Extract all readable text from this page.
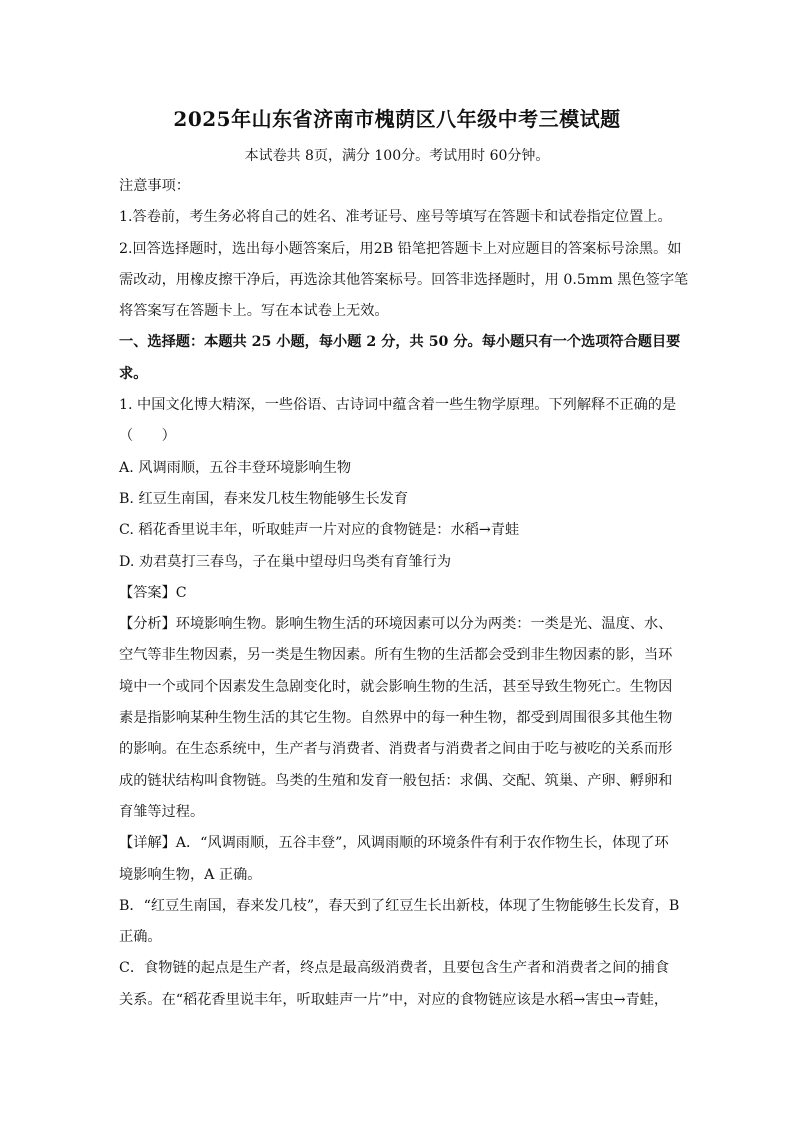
2025年山东省济南市槐荫区八年级中考三模试题
本试卷共 8页，满分 100分。考试用时 60分钟。
注意事项：
1.答卷前，考生务必将自己的姓名、准考证号、座号等填写在答题卡和试卷指定位置上。
2.回答选择题时，选出每小题答案后，用2B 铅笔把答题卡上对应题目的答案标号涂黑。如
需改动，用橡皮擦干净后，再选涂其他答案标号。回答非选择题时，用 0.5mm 黑色签字笔
将答案写在答题卡上。写在本试卷上无效。
一、选择题：本题共 25 小题，每小题 2 分，共 50 分。每小题只有一个选项符合题目要
求。
1. 中国文化博大精深，一些俗语、古诗词中蕴含着一些生物学原理。下列解释不正确的是
（　　）
A. 风调雨顺，五谷丰登环境影响生物
B. 红豆生南国，春来发几枝生物能够生长发育
C. 稻花香里说丰年，听取蛙声一片对应的食物链是：水稻→青蛙
D. 劝君莫打三春鸟，子在巢中望母归鸟类有育雏行为
【答案】C
【分析】环境影响生物。影响生物生活的环境因素可以分为两类：一类是光、温度、水、
空气等非生物因素，另一类是生物因素。所有生物的生活都会受到非生物因素的影，当环
境中一个或同个因素发生急剧变化时，就会影响生物的生活，甚至导致生物死亡。生物因
素是指影响某种生物生活的其它生物。自然界中的每一种生物，都受到周围很多其他生物
的影响。在生态系统中，生产者与消费者、消费者与消费者之间由于吃与被吃的关系而形
成的链状结构叫食物链。鸟类的生殖和发育一般包括：求偶、交配、筑巢、产卵、孵卵和
育雏等过程。
【详解】A．“风调雨顺，五谷丰登”，风调雨顺的环境条件有利于农作物生长，体现了环
境影响生物，A 正确。
B．“红豆生南国，春来发几枝”，春天到了红豆生长出新枝，体现了生物能够生长发育，B
正确。
C．食物链的起点是生产者，终点是最高级消费者，且要包含生产者和消费者之间的捕食
关系。在“稻花香里说丰年，听取蛙声一片”中，对应的食物链应该是水稻→害虫→青蛙，
